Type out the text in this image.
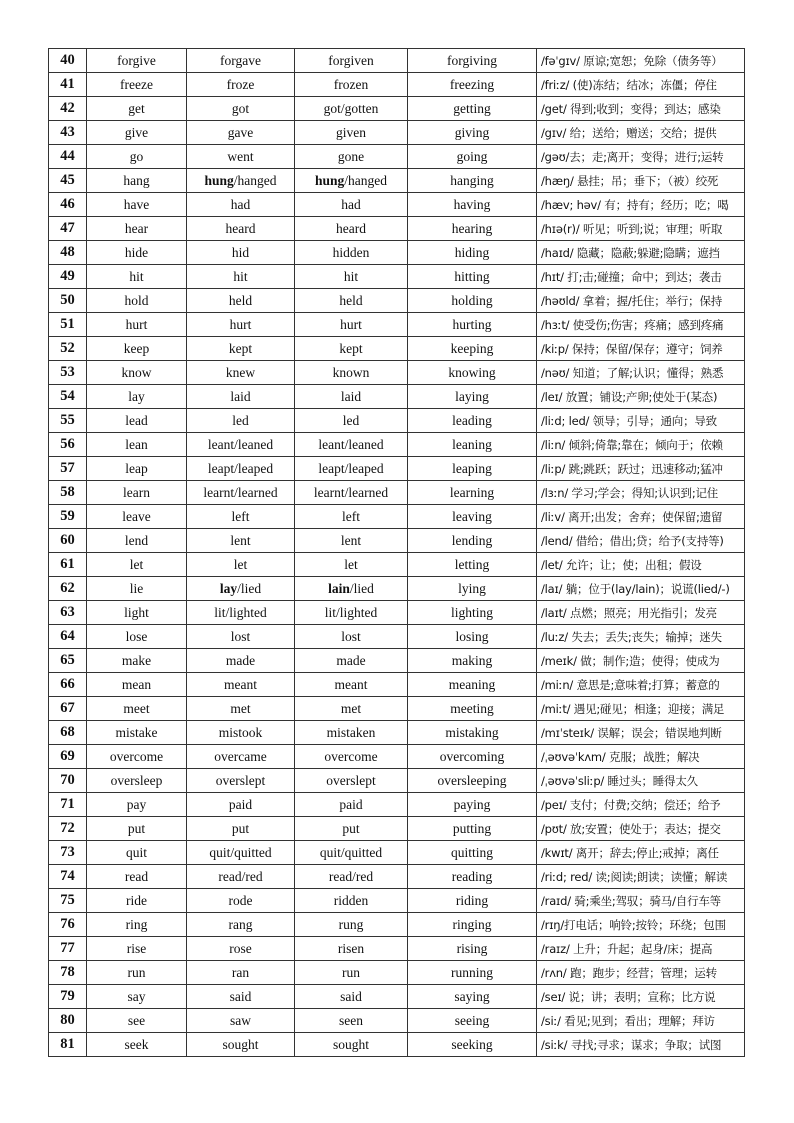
40	forgive	forgave	forgiven	forgiving	/fəˈgɪv/ 原谅;宽恕；免除（债务等）
41	freeze	froze	frozen	freezing	/friːz/ (使)冻结；结冰；冻僵；停住
42	get	got	got/gotten	getting	/get/ 得到;收到；变得；到达；感染
43	give	gave	given	giving	/gɪv/ 给；送给；赠送；交给；提供
44	go	went	gone	going	/gəʊ/去；走;离开；变得；进行;运转
45	hang	hung/hanged	hung/hanged	hanging	/hæŋ/ 悬挂；吊；垂下；（被）绞死
46	have	had	had	having	/hæv; həv/ 有；持有；经历；吃；喝
47	hear	heard	heard	hearing	/hɪə(r)/ 听见；听到;说；审理；听取
48	hide	hid	hidden	hiding	/haɪd/ 隐藏；隐蔽;躲避;隐瞒；遮挡
49	hit	hit	hit	hitting	/hɪt/ 打;击;碰撞；命中；到达；袭击
50	hold	held	held	holding	/həʊld/ 拿着；握/托住；举行；保持
51	hurt	hurt	hurt	hurting	/hɜːt/ 使受伤;伤害；疼痛；感到疼痛
52	keep	kept	kept	keeping	/kiːp/ 保持；保留/保存；遵守；饲养
53	know	knew	known	knowing	/nəʊ/ 知道；了解;认识；懂得；熟悉
54	lay	laid	laid	laying	/leɪ/ 放置；铺设;产卵;使处于(某态)
55	lead	led	led	leading	/liːd; led/ 领导；引导；通向；导致
56	lean	leant/leaned	leant/leaned	leaning	/liːn/ 倾斜;倚靠;靠在；倾向于；依赖
57	leap	leapt/leaped	leapt/leaped	leaping	/liːp/ 跳;跳跃；跃过；迅速移动;猛冲
58	learn	learnt/learned	learnt/learned	learning	/lɜːn/ 学习;学会；得知;认识到;记住
59	leave	left	left	leaving	/liːv/ 离开;出发；舍弃；使保留;遗留
60	lend	lent	lent	lending	/lend/ 借给；借出;贷；给予(支持等)
61	let	let	let	letting	/let/ 允许；让；使；出租；假设
62	lie	lay/lied	lain/lied	lying	/laɪ/ 躺；位于(lay/lain)；说谎(lied/-)
63	light	lit/lighted	lit/lighted	lighting	/laɪt/ 点燃；照亮；用光指引；发亮
64	lose	lost	lost	losing	/luːz/ 失去；丢失;丧失；输掉；迷失
65	make	made	made	making	/meɪk/ 做；制作;造；使得；使成为
66	mean	meant	meant	meaning	/miːn/ 意思是;意味着;打算；蓄意的
67	meet	met	met	meeting	/miːt/ 遇见;碰见；相逢；迎接；满足
68	mistake	mistook	mistaken	mistaking	/mɪˈsteɪk/ 误解；误会；错误地判断
69	overcome	overcame	overcome	overcoming	/ˌəʊvəˈkʌm/ 克服；战胜；解决
70	oversleep	overslept	overslept	oversleeping	/ˌəʊvəˈsliːp/ 睡过头；睡得太久
71	pay	paid	paid	paying	/peɪ/ 支付；付费;交纳；偿还；给予
72	put	put	put	putting	/pʊt/ 放;安置；使处于；表达；提交
73	quit	quit/quitted	quit/quitted	quitting	/kwɪt/ 离开；辞去;停止;戒掉；离任
74	read	read/red	read/red	reading	/riːd; red/ 读;阅读;朗读；读懂；解读
75	ride	rode	ridden	riding	/raɪd/ 骑;乘坐;驾驭；骑马/自行车等
76	ring	rang	rung	ringing	/rɪŋ/打电话；响铃;按铃；环绕；包围
77	rise	rose	risen	rising	/raɪz/ 上升；升起；起身/床；提高
78	run	ran	run	running	/rʌn/ 跑；跑步；经营；管理；运转
79	say	said	said	saying	/seɪ/ 说；讲；表明；宣称；比方说
80	see	saw	seen	seeing	/siː/ 看见;见到；看出；理解；拜访
81	seek	sought	sought	seeking	/siːk/ 寻找;寻求；谋求；争取；试图
